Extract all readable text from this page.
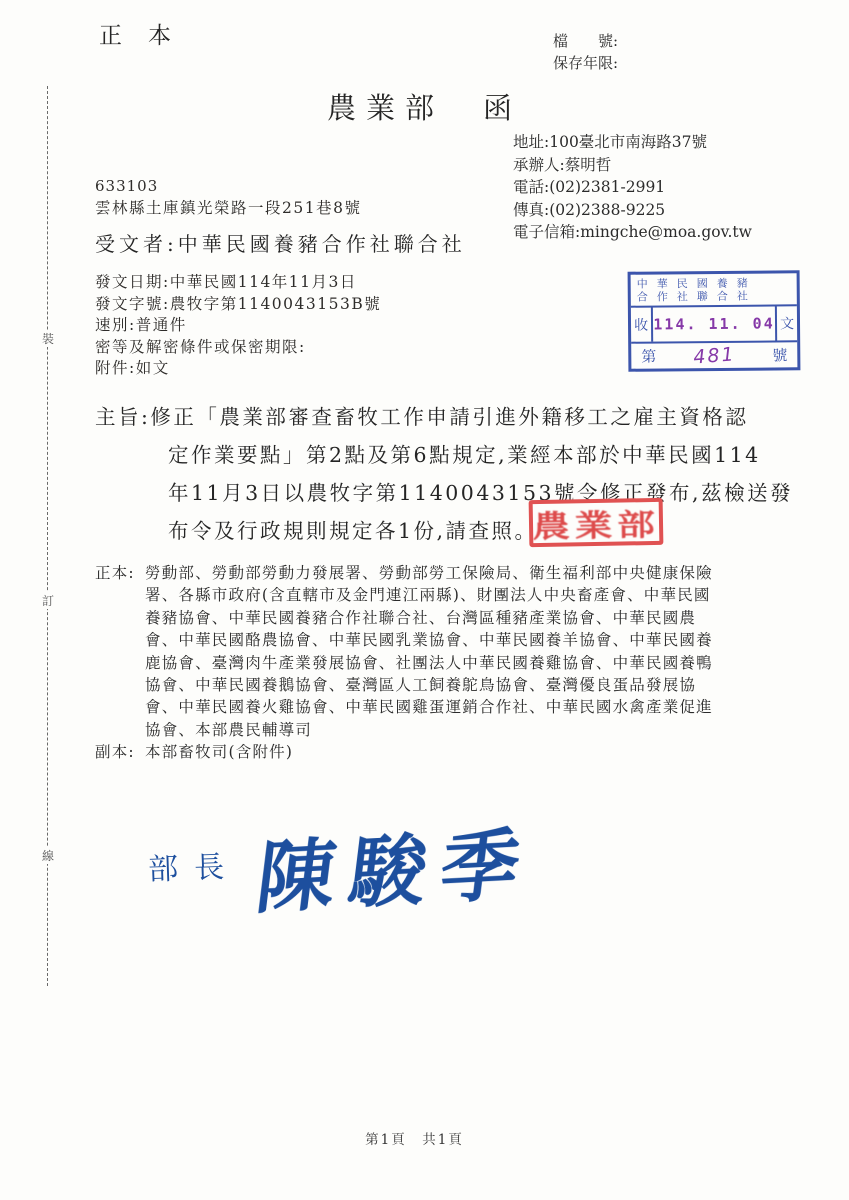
裝
訂
線
正本	檔　　號:
保存年限:
農業部　函
地址:100臺北市南海路37號
承辦人:蔡明哲
電話:(02)2381-2991
傳真:(02)2388-9225
電子信箱:mingche@moa.gov.tw
633103
雲林縣土庫鎮光榮路一段251巷8號
受文者:中華民國養豬合作社聯合社
發文日期:中華民國114年11月3日
發文字號:農牧字第1140043153B號
速別:普通件
密等及解密條件或保密期限:
附件:如文
中華民國養豬
合作社聯合社
收 114. 11. 04 文
第 481 號
主旨:修正「農業部審查畜牧工作申請引進外籍移工之雇主資格認
定作業要點」第2點及第6點規定,業經本部於中華民國114
年11月3日以農牧字第1140043153號令修正發布,茲檢送發
布令及行政規則規定各1份,請查照。
農業部
正本: 勞動部、勞動部勞動力發展署、勞動部勞工保險局、衛生福利部中央健康保險
署、各縣市政府(含直轄市及金門連江兩縣)、財團法人中央畜產會、中華民國
養豬協會、中華民國養豬合作社聯合社、台灣區種豬產業協會、中華民國農
會、中華民國酪農協會、中華民國乳業協會、中華民國養羊協會、中華民國養
鹿協會、臺灣肉牛產業發展協會、社團法人中華民國養雞協會、中華民國養鴨
協會、中華民國養鵝協會、臺灣區人工飼養鴕鳥協會、臺灣優良蛋品發展協
會、中華民國養火雞協會、中華民國雞蛋運銷合作社、中華民國水禽產業促進
協會、本部農民輔導司
副本: 本部畜牧司(含附件)
部長 陳駿季
第1頁　共1頁
